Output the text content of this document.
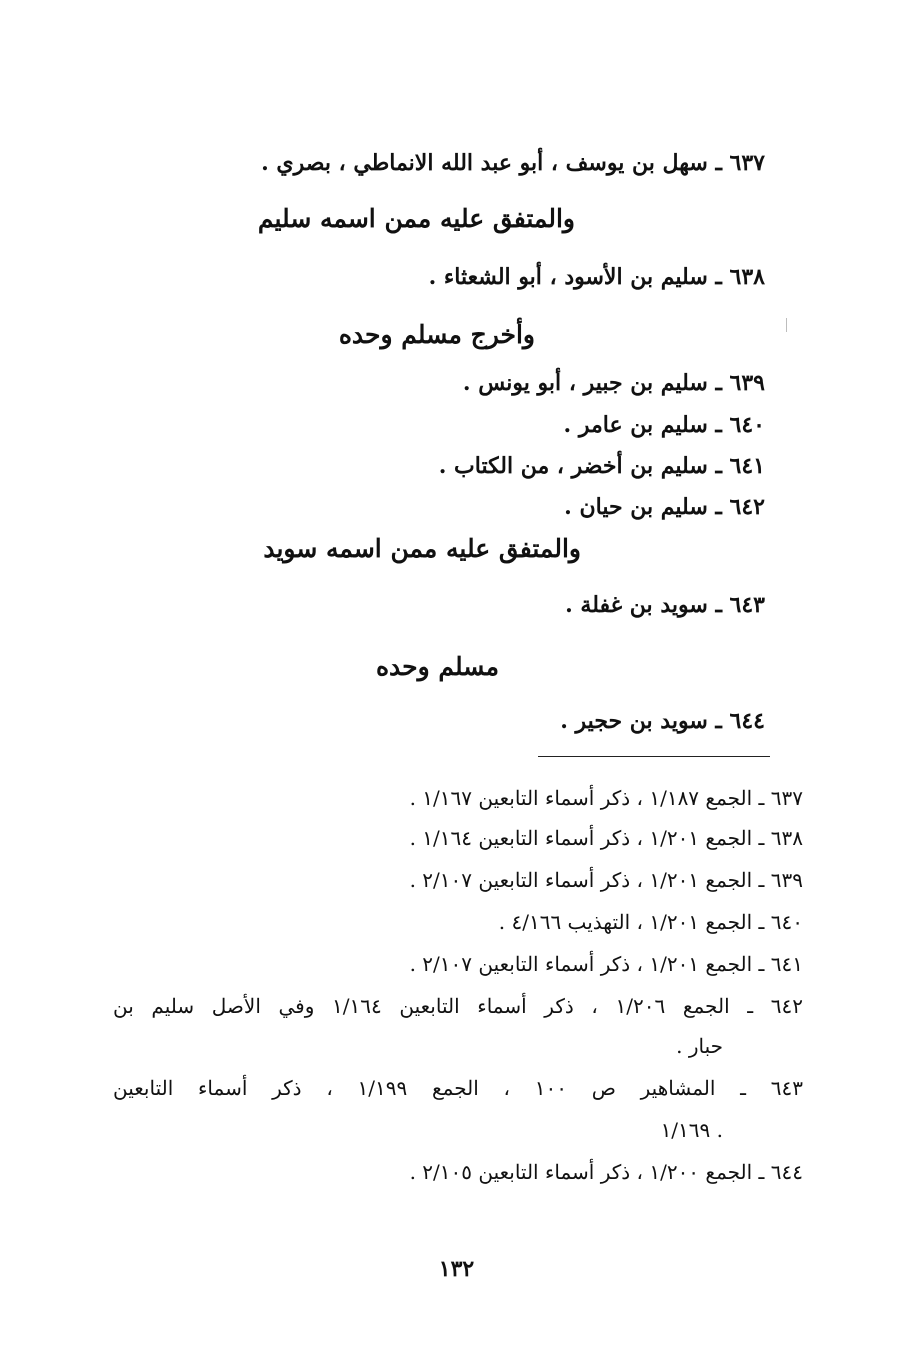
٦٣٧ ـ سهل بن يوسف ، أبو عبد الله الانماطي ، بصري .
والمتفق عليه ممن اسمه سليم
٦٣٨ ـ سليم بن الأسود ، أبو الشعثاء .
وأخرج مسلم وحده
٦٣٩ ـ سليم بن جبير ، أبو يونس .
٦٤٠ ـ سليم بن عامر .
٦٤١ ـ سليم بن أخضر ، من الكتاب .
٦٤٢ ـ سليم بن حيان .
والمتفق عليه ممن اسمه سويد
٦٤٣ ـ سويد بن غفلة .
مسلم وحده
٦٤٤ ـ سويد بن حجير .
٦٣٧ ـ الجمع ١/١٨٧ ، ذكر أسماء التابعين ١/١٦٧ .
٦٣٨ ـ الجمع ١/٢٠١ ، ذكر أسماء التابعين ١/١٦٤ .
٦٣٩ ـ الجمع ١/٢٠١ ، ذكر أسماء التابعين ٢/١٠٧ .
٦٤٠ ـ الجمع ١/٢٠١ ، التهذيب ٤/١٦٦ .
٦٤١ ـ الجمع ١/٢٠١ ، ذكر أسماء التابعين ٢/١٠٧ .
٦٤٢ ـ الجمع ١/٢٠٦ ، ذكر أسماء التابعين ١/١٦٤ وفي الأصل سليم بن
حبار .
٦٤٣ ـ المشاهير ص ١٠٠ ، الجمع ١/١٩٩ ، ذكر أسماء التابعين
١/١٦٩ .
٦٤٤ ـ الجمع ١/٢٠٠ ، ذكر أسماء التابعين ٢/١٠٥ .
١٣٢
